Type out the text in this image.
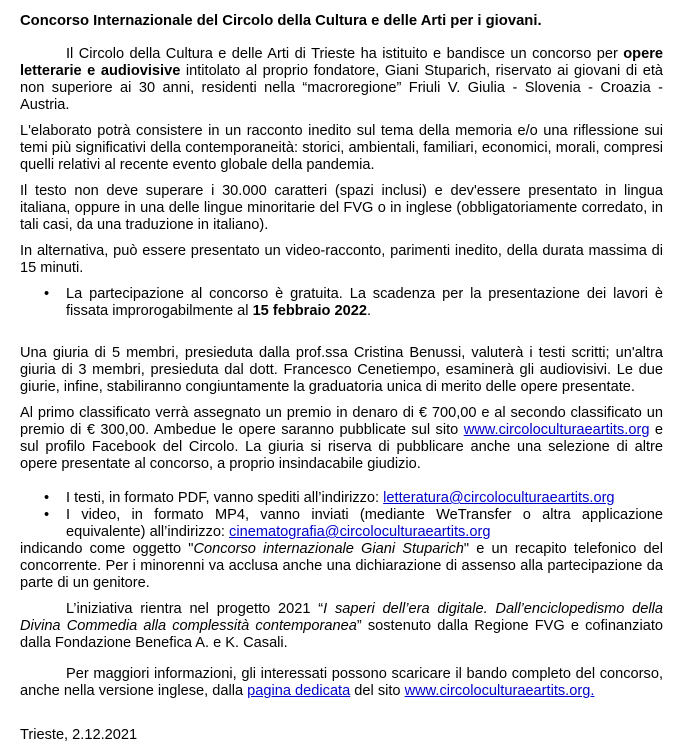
Concorso Internazionale del Circolo della Cultura e delle Arti per i giovani.

Il Circolo della Cultura e delle Arti di Trieste ha istituito e bandisce un concorso per opere letterarie e audiovisive intitolato al proprio fondatore, Giani Stuparich, riservato ai giovani di età non superiore ai 30 anni, residenti nella “macroregione” Friuli V. Giulia - Slovenia - Croazia - Austria.

L'elaborato potrà consistere in un racconto inedito sul tema della memoria e/o una riflessione sui temi più significativi della contemporaneità: storici, ambientali, familiari, economici, morali, compresi quelli relativi al recente evento globale della pandemia.

Il testo non deve superare i 30.000 caratteri (spazi inclusi) e dev'essere presentato in lingua italiana, oppure in una delle lingue minoritarie del FVG o in inglese (obbligatoriamente corredato, in tali casi, da una traduzione in italiano).

In alternativa, può essere presentato un video-racconto, parimenti inedito, della durata massima di 15 minuti.

• La partecipazione al concorso è gratuita. La scadenza per la presentazione dei lavori è fissata improrogabilmente al 15 febbraio 2022.

Una giuria di 5 membri, presieduta dalla prof.ssa Cristina Benussi, valuterà i testi scritti; un'altra giuria di 3 membri, presieduta dal dott. Francesco Cenetiempo, esaminerà gli audiovisivi. Le due giurie, infine, stabiliranno congiuntamente la graduatoria unica di merito delle opere presentate.

Al primo classificato verrà assegnato un premio in denaro di € 700,00 e al secondo classificato un premio di € 300,00. Ambedue le opere saranno pubblicate sul sito www.circoloculturaeartits.org e sul profilo Facebook del Circolo. La giuria si riserva di pubblicare anche una selezione di altre opere presentate al concorso, a proprio insindacabile giudizio.

• I testi, in formato PDF, vanno spediti all’indirizzo: letteratura@circoloculturaeartits.org
• I video, in formato MP4, vanno inviati (mediante WeTransfer o altra applicazione equivalente) all’indirizzo: cinematografia@circoloculturaeartits.org

indicando come oggetto "Concorso internazionale Giani Stuparich" e un recapito telefonico del concorrente. Per i minorenni va acclusa anche una dichiarazione di assenso alla partecipazione da parte di un genitore.

L’iniziativa rientra nel progetto 2021 “I saperi dell’era digitale. Dall’enciclopedismo della Divina Commedia alla complessità contemporanea” sostenuto dalla Regione FVG e cofinanziato dalla Fondazione Benefica A. e K. Casali.

Per maggiori informazioni, gli interessati possono scaricare il bando completo del concorso, anche nella versione inglese, dalla pagina dedicata del sito www.circoloculturaeartits.org.

Trieste, 2.12.2021
